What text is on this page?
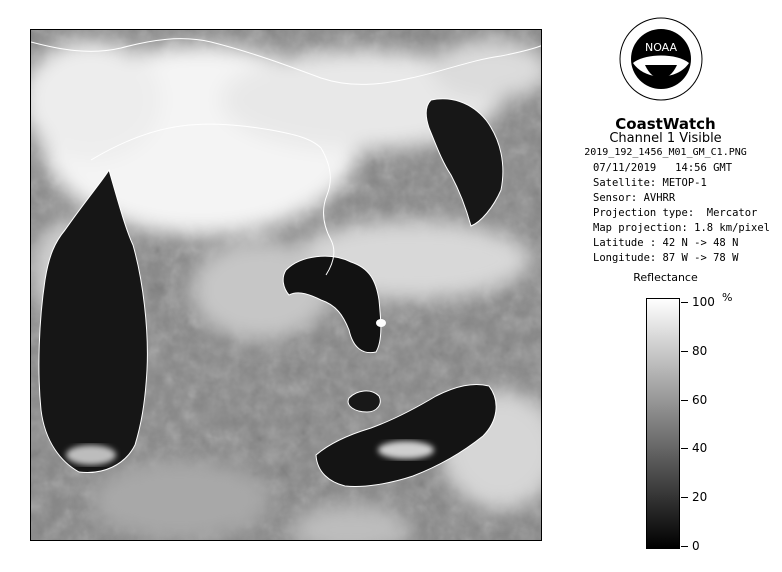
NOAA
CoastWatch
Channel 1 Visible
2019_192_1456_M01_GM_C1.PNG
07/11/2019   14:56 GMT
Satellite: METOP-1
Sensor: AVHRR
Projection type:  Mercator
Map projection: 1.8 km/pixel
Latitude : 42 N -> 48 N
Longitude: 87 W -> 78 W
Reflectance
%
100
80
60
40
20
0
